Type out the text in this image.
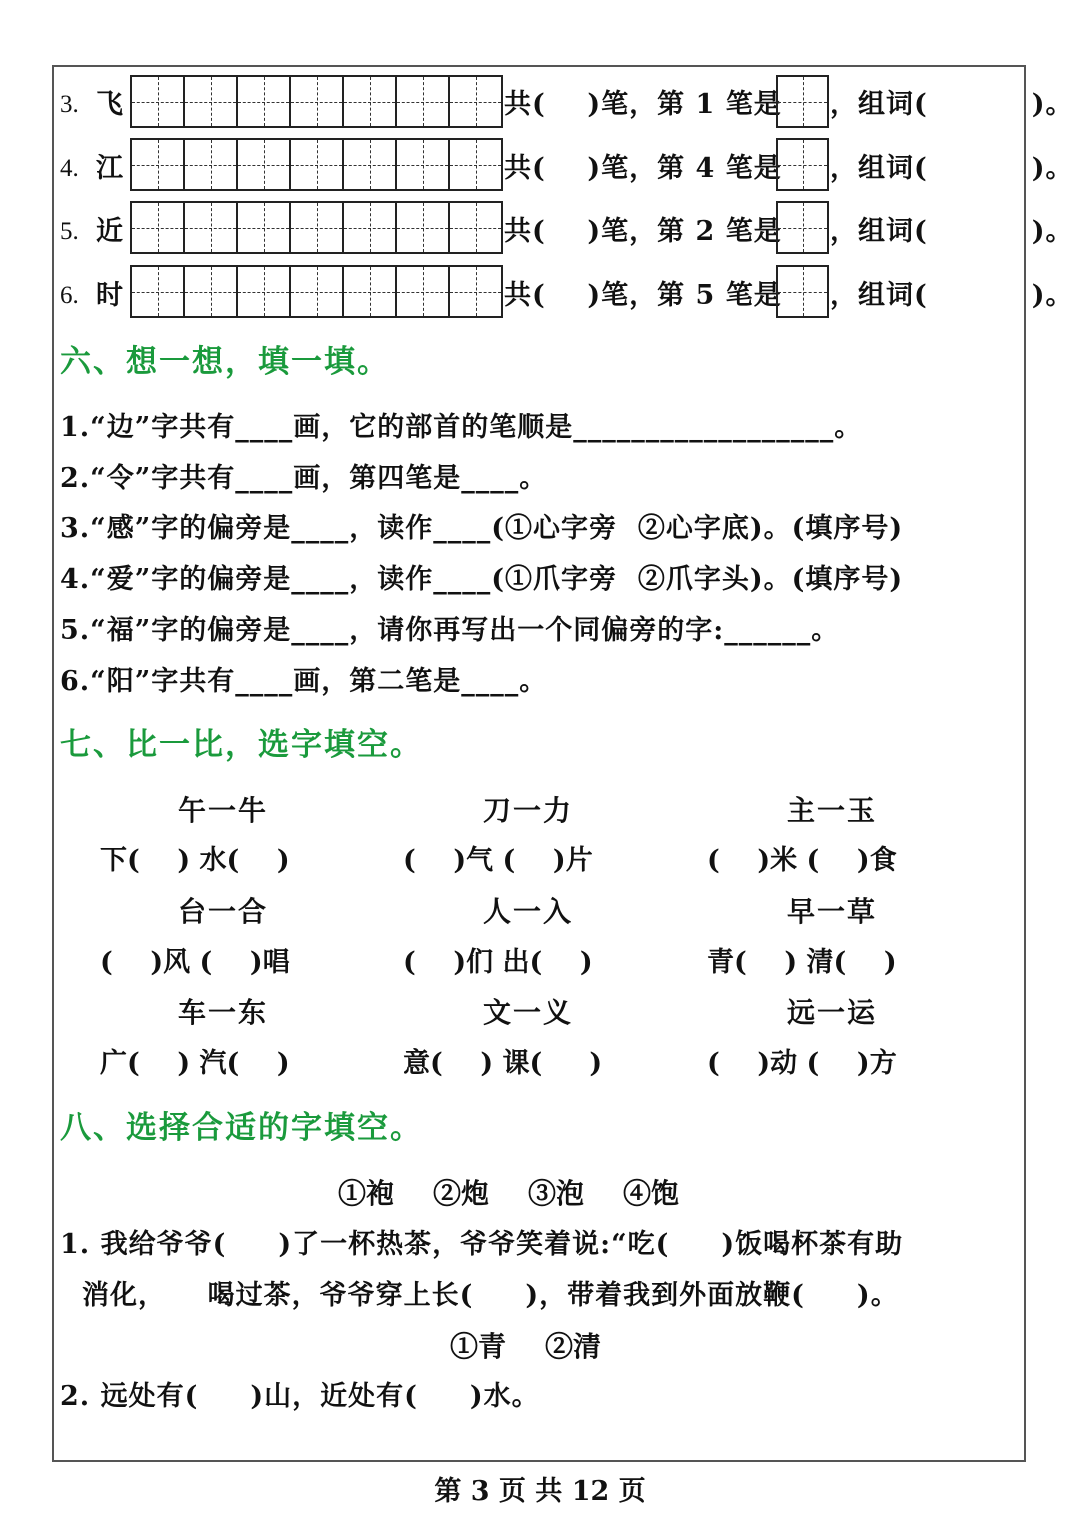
3. 飞	共(    )笔，第 1 笔是 ，组词(          )。
4. 江	共(    )笔，第 4 笔是 ，组词(          )。
5. 近	共(    )笔，第 2 笔是 ，组词(          )。
6. 时	共(    )笔，第 5 笔是 ，组词(          )。
六、想一想，填一填。
1.“边”字共有____画，它的部首的笔顺是__________________。
2.“令”字共有____画，第四笔是____。
3.“感”字的偏旁是____，读作____(①心字旁  ②心字底)。(填序号)
4.“爱”字的偏旁是____，读作____(①爪字旁  ②爪字头)。(填序号)
5.“福”字的偏旁是____，请你再写出一个同偏旁的字:______。
6.“阳”字共有____画，第二笔是____。
七、比一比，选字填空。
午一牛
下(    ) 水(    )
刀一力
(    )气 (    )片
主一玉
(    )米 (    )食
台一合
(    )风 (    )唱
人一入
(    )们 出(    )
早一草
青(    ) 清(    )
车一东
广(    ) 汽(    )
文一义
意(    ) 课(     )
远一运
(    )动 (    )方
八、选择合适的字填空。
①袍    ②炮    ③泡    ④饱
1. 我给爷爷(     )了一杯热茶，爷爷笑着说:“吃(     )饭喝杯茶有助
消化，    喝过茶，爷爷穿上长(     )，带着我到外面放鞭(     )。
①青    ②清
2. 远处有(     )山，近处有(     )水。
第 3 页 共 12 页
